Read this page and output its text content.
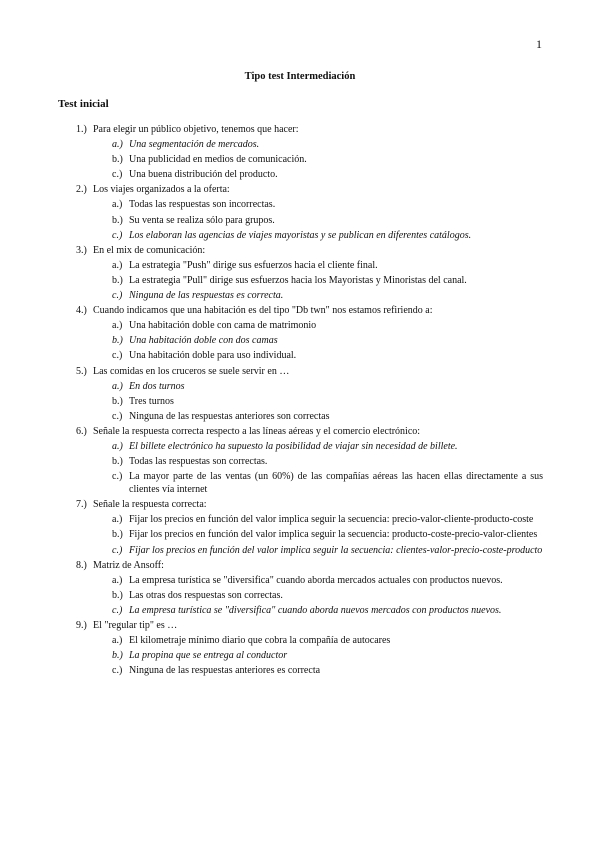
1
Tipo test Intermediación
Test inicial
1.) Para elegir un público objetivo, tenemos que hacer:
a.) Una segmentación de mercados.
b.) Una publicidad en medios de comunicación.
c.) Una buena distribución del producto.
2.) Los viajes organizados a la oferta:
a.) Todas las respuestas son incorrectas.
b.) Su venta se realiza sólo para grupos.
c.) Los elaboran las agencias de viajes mayoristas y se publican en diferentes catálogos.
3.) En el mix de comunicación:
a.) La estrategia "Push" dirige sus esfuerzos hacia el cliente final.
b.) La estrategia "Pull" dirige sus esfuerzos hacia los Mayoristas y Minoristas del canal.
c.) Ninguna de las respuestas es correcta.
4.) Cuando indicamos que una habitación es del tipo "Db twn" nos estamos refiriendo a:
a.) Una habitación doble con cama de matrimonio
b.) Una habitación doble con dos camas
c.) Una habitación doble para uso individual.
5.) Las comidas en los cruceros se suele servir en …
a.) En dos turnos
b.) Tres turnos
c.) Ninguna de las respuestas anteriores son correctas
6.) Señale la respuesta correcta respecto a las líneas aéreas y el comercio electrónico:
a.) El billete electrónico ha supuesto la posibilidad de viajar sin necesidad de billete.
b.) Todas las respuestas son correctas.
c.) La mayor parte de las ventas (un 60%) de las compañías aéreas las hacen ellas directamente a sus clientes vía internet
7.) Señale la respuesta correcta:
a.) Fijar los precios en función del valor implica seguir la secuencia: precio-valor-cliente-producto-coste
b.) Fijar los precios en función del valor implica seguir la secuencia: producto-coste-precio-valor-clientes
c.) Fijar los precios en función del valor implica seguir la secuencia: clientes-valor-precio-coste-producto
8.) Matriz de Ansoff:
a.) La empresa turística se "diversifica" cuando aborda mercados actuales con productos nuevos.
b.) Las otras dos respuestas son correctas.
c.) La empresa turística se "diversifica" cuando aborda nuevos mercados con productos nuevos.
9.) El "regular tip" es …
a.) El kilometraje mínimo diario que cobra la compañía de autocares
b.) La propina que se entrega al conductor
c.) Ninguna de las respuestas anteriores es correcta
